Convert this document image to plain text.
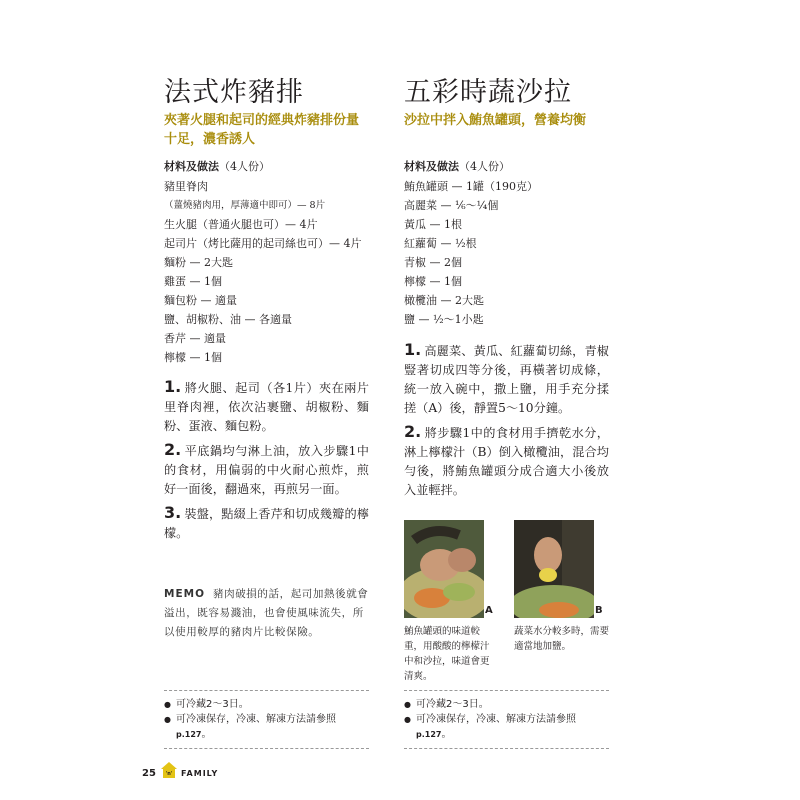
法式炸豬排
夾著火腿和起司的經典炸豬排份量十足，濃香誘人
材料及做法（4人份）
豬里脊肉
（薑燒豬肉用，厚薄適中即可）— 8片
生火腿（普通火腿也可）— 4片
起司片（烤比薩用的起司絲也可）— 4片
麵粉 — 2大匙
雞蛋 — 1個
麵包粉 — 適量
鹽、胡椒粉、油 — 各適量
香芹 — 適量
檸檬 — 1個
1. 將火腿、起司（各1片）夾在兩片里脊肉裡，依次沾裹鹽、胡椒粉、麵粉、蛋液、麵包粉。
2. 平底鍋均勻淋上油，放入步驟1中的食材，用偏弱的中火耐心煎炸，煎好一面後，翻過來，再煎另一面。
3. 裝盤，點綴上香芹和切成幾瓣的檸檬。
MEMO 豬肉破損的話，起司加熱後就會溢出，既容易濺油，也會使風味流失，所以使用較厚的豬肉片比較保險。
● 可冷藏2～3日。
● 可冷凍保存，冷凍、解凍方法請參照p.127。
五彩時蔬沙拉
沙拉中拌入鮪魚罐頭，營養均衡
材料及做法（4人份）
鮪魚罐頭 — 1罐（190克）
高麗菜 — ⅙～¼個
黃瓜 — 1根
紅蘿蔔 — ½根
青椒 — 2個
檸檬 — 1個
橄欖油 — 2大匙
鹽 — ½～1小匙
1. 高麗菜、黃瓜、紅蘿蔔切絲，青椒豎著切成四等分後，再橫著切成條，統一放入碗中，撒上鹽，用手充分揉搓（A）後，靜置5～10分鐘。
2. 將步驟1中的食材用手擠乾水分，淋上檸檬汁（B）倒入橄欖油，混合均勻後，將鮪魚罐頭分成合適大小後放入並輕拌。
A	B
鮪魚罐頭的味道較重，用酸酸的檸檬汁中和沙拉，味道會更清爽。
蔬菜水分較多時，需要適當地加鹽。
● 可冷藏2～3日。
● 可冷凍保存，冷凍、解凍方法請參照p.127。
25 'n' FAMILY
